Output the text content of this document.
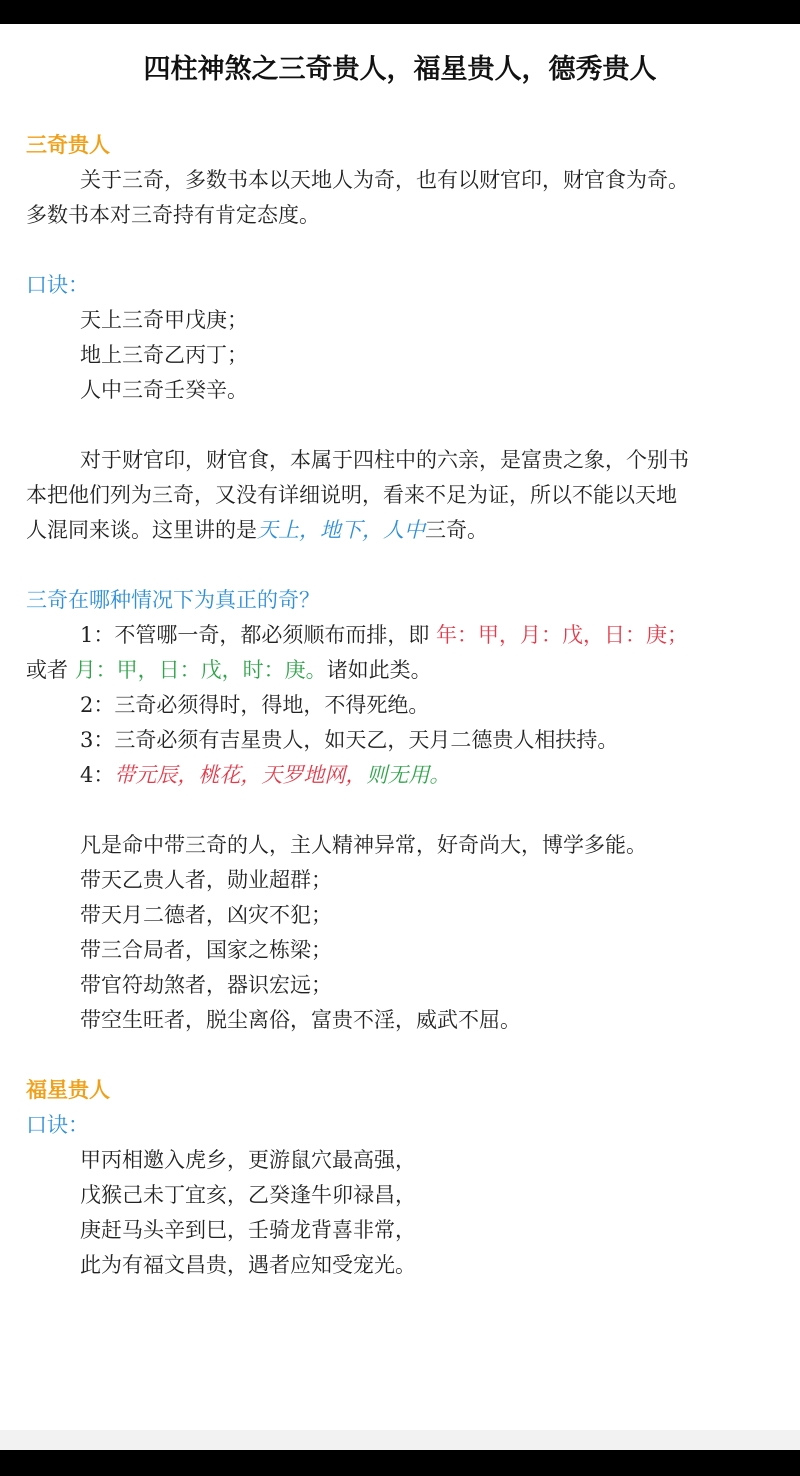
四柱神煞之三奇贵人，福星贵人，德秀贵人
三奇贵人
关于三奇，多数书本以天地人为奇，也有以财官印，财官食为奇。
多数书本对三奇持有肯定态度。
口诀：
天上三奇甲戊庚；
地上三奇乙丙丁；
人中三奇壬癸辛。
对于财官印，财官食，本属于四柱中的六亲，是富贵之象，个别书
本把他们列为三奇，又没有详细说明，看来不足为证，所以不能以天地
人混同来谈。这里讲的是天上，地下，人中三奇。
三奇在哪种情况下为真正的奇？
1：不管哪一奇，都必须顺布而排，即 年：甲，月：戊，日：庚；
或者 月：甲，日：戊，时：庚。诸如此类。
2：三奇必须得时，得地，不得死绝。
3：三奇必须有吉星贵人，如天乙，天月二德贵人相扶持。
4：带元辰，桃花，天罗地网，则无用。
凡是命中带三奇的人，主人精神异常，好奇尚大，博学多能。
带天乙贵人者，勋业超群；
带天月二德者，凶灾不犯；
带三合局者，国家之栋梁；
带官符劫煞者，器识宏远；
带空生旺者，脱尘离俗，富贵不淫，威武不屈。
福星贵人
口诀：
甲丙相邀入虎乡，更游鼠穴最高强，
戊猴己未丁宜亥，乙癸逢牛卯禄昌，
庚赶马头辛到巳，壬骑龙背喜非常，
此为有福文昌贵，遇者应知受宠光。
